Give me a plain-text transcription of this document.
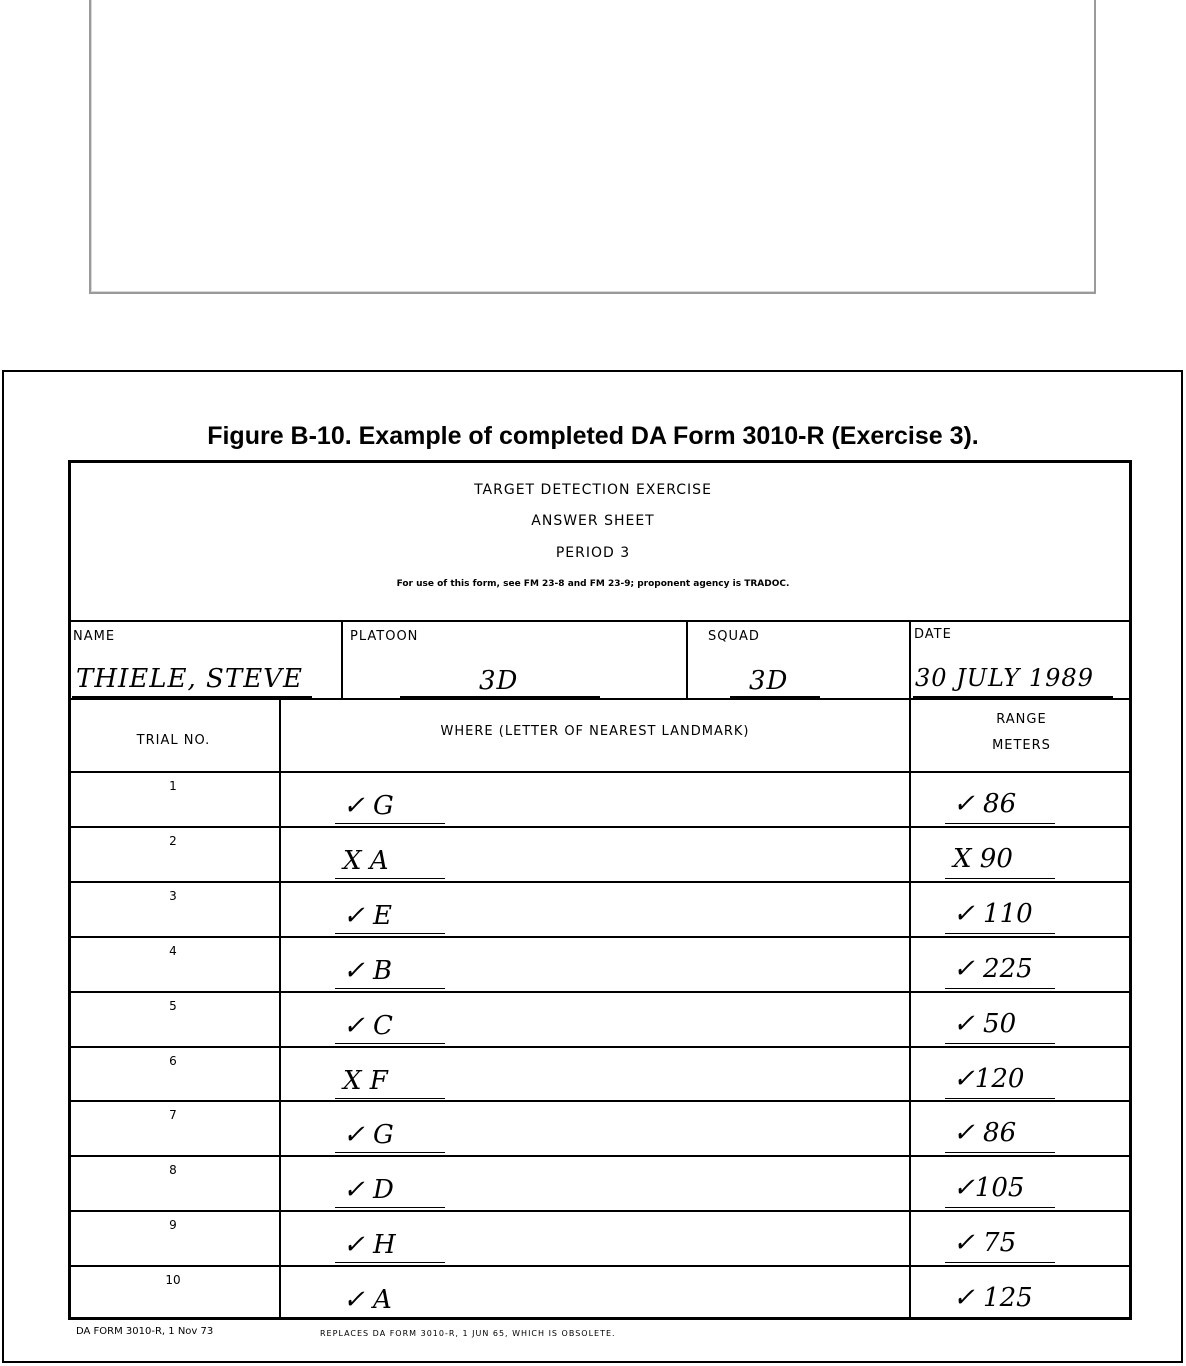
Figure B-10. Example of completed DA Form 3010-R (Exercise 3).
TARGET DETECTION EXERCISE
ANSWER SHEET
PERIOD 3
For use of this form, see FM 23-8 and FM 23-9; proponent agency is TRADOC.
NAME
THIELE, STEVE
PLATOON
3D
SQUAD
3D
DATE
30 JULY 1989
TRIAL NO.
WHERE (LETTER OF NEAREST LANDMARK)
RANGE
METERS
1
✓ G	✓ 86
2
X A	X 90
3
✓ E	✓ 110
4
✓ B	✓ 225
5
✓ C	✓ 50
6
X F	✓120
7
✓ G	✓ 86
8
✓ D	✓105
9
✓ H	✓ 75
10
✓ A	✓ 125
DA FORM 3010-R, 1 Nov 73	REPLACES DA FORM 3010-R, 1 JUN 65, WHICH IS OBSOLETE.
